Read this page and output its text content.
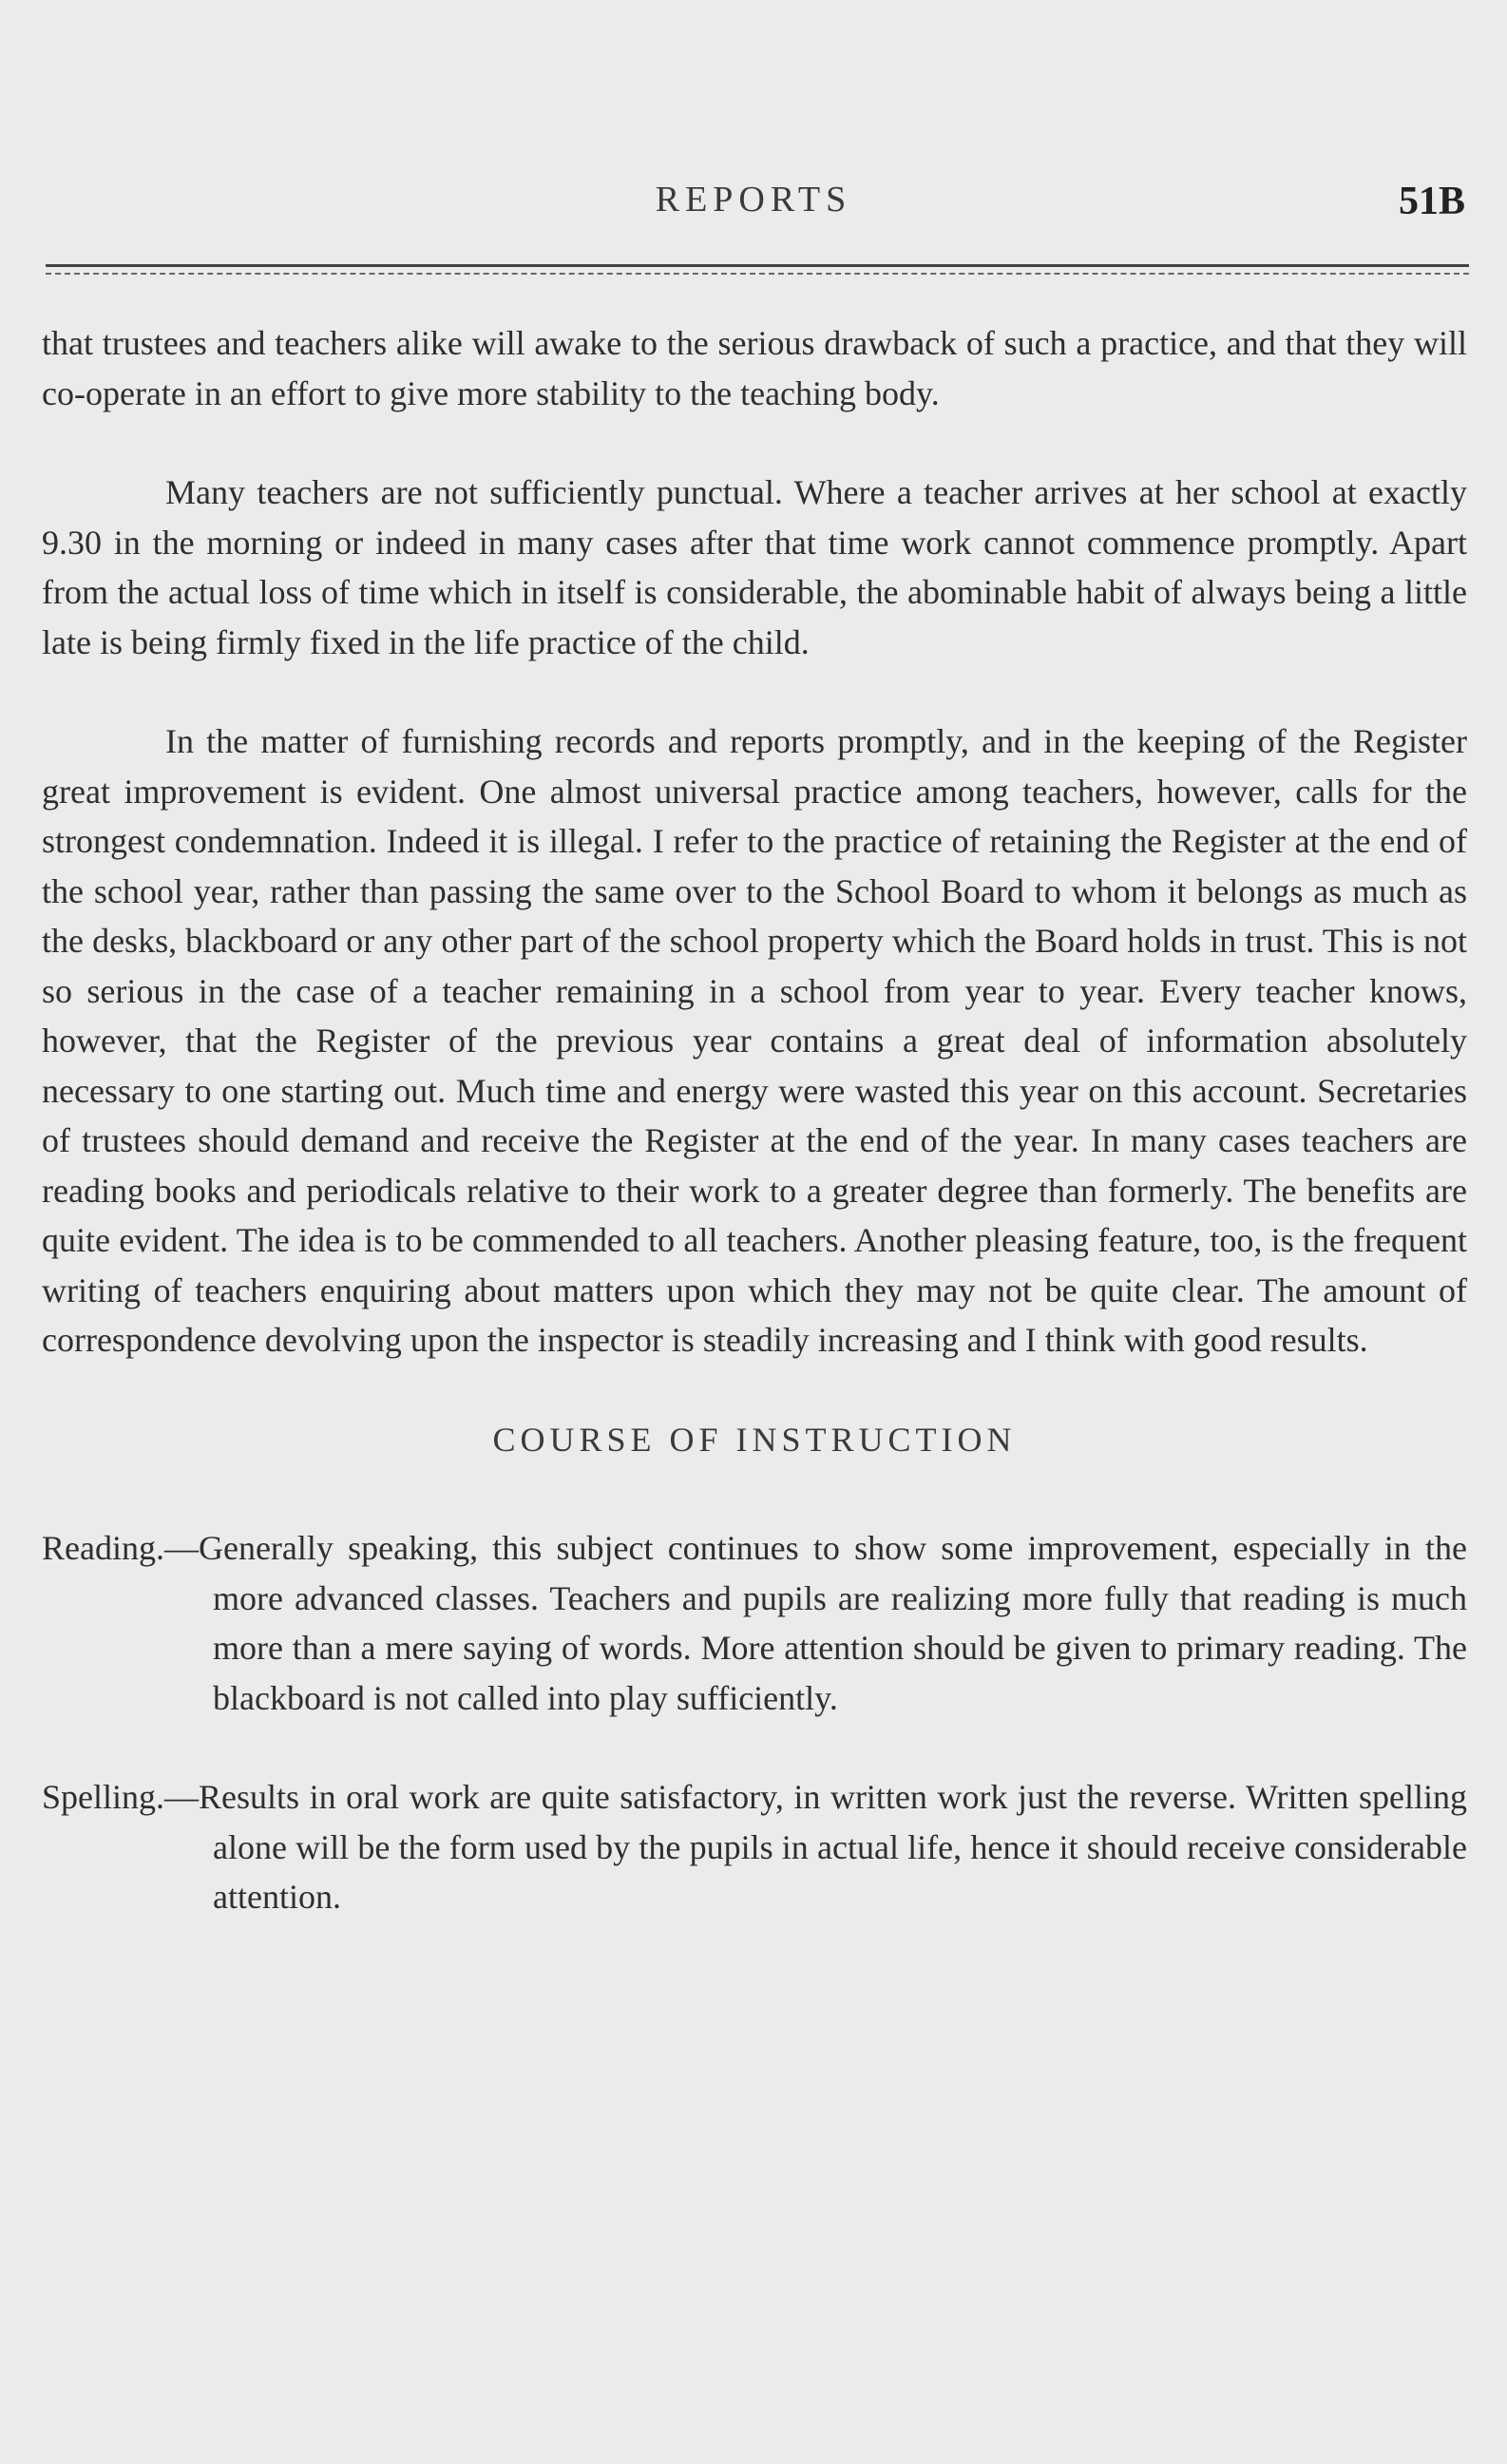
REPORTS	51B

that trustees and teachers alike will awake to the serious drawback of such a practice, and that they will co-operate in an effort to give more stability to the teaching body.

Many teachers are not sufficiently punctual. Where a teacher arrives at her school at exactly 9.30 in the morning or indeed in many cases after that time work cannot commence promptly. Apart from the actual loss of time which in itself is considerable, the abominable habit of always being a little late is being firmly fixed in the life practice of the child.

In the matter of furnishing records and reports promptly, and in the keeping of the Register great improvement is evident. One almost universal practice among teachers, however, calls for the strongest condemnation. Indeed it is illegal. I refer to the practice of retaining the Register at the end of the school year, rather than passing the same over to the School Board to whom it belongs as much as the desks, blackboard or any other part of the school property which the Board holds in trust. This is not so serious in the case of a teacher remaining in a school from year to year. Every teacher knows, however, that the Register of the previous year contains a great deal of information absolutely necessary to one starting out. Much time and energy were wasted this year on this account. Secretaries of trustees should demand and receive the Register at the end of the year. In many cases teachers are reading books and periodicals relative to their work to a greater degree than formerly. The benefits are quite evident. The idea is to be commended to all teachers. Another pleasing feature, too, is the frequent writing of teachers enquiring about matters upon which they may not be quite clear. The amount of correspondence devolving upon the inspector is steadily increasing and I think with good results.

COURSE OF INSTRUCTION

Reading.—Generally speaking, this subject continues to show some improvement, especially in the more advanced classes. Teachers and pupils are realizing more fully that reading is much more than a mere saying of words. More attention should be given to primary reading. The blackboard is not called into play sufficiently.

Spelling.—Results in oral work are quite satisfactory, in written work just the reverse. Written spelling alone will be the form used by the pupils in actual life, hence it should receive considerable attention.
